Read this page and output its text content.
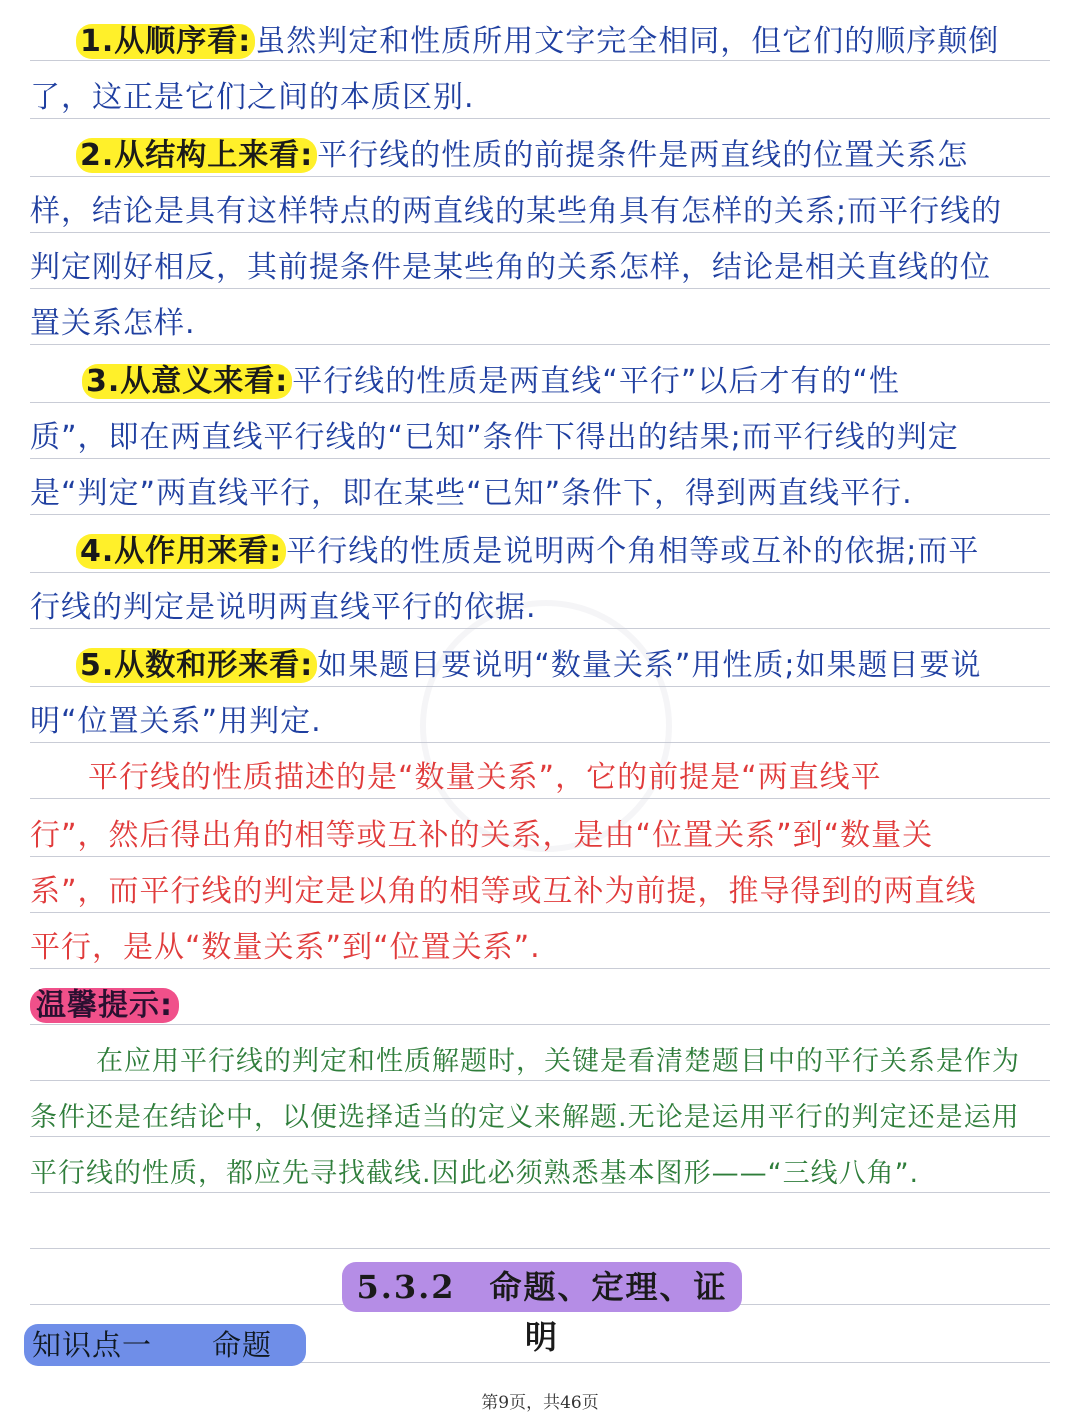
1.从顺序看: 虽然判定和性质所用文字完全相同，但它们的顺序颠倒
了，这正是它们之间的本质区别.
2.从结构上来看: 平行线的性质的前提条件是两直线的位置关系怎
样，结论是具有这样特点的两直线的某些角具有怎样的关系;而平行线的
判定刚好相反，其前提条件是某些角的关系怎样，结论是相关直线的位
置关系怎样.
3.从意义来看: 平行线的性质是两直线“平行”以后才有的“性
质”，即在两直线平行线的“已知”条件下得出的结果;而平行线的判定
是“判定”两直线平行，即在某些“已知”条件下，得到两直线平行.
4.从作用来看: 平行线的性质是说明两个角相等或互补的依据;而平
行线的判定是说明两直线平行的依据.
5.从数和形来看: 如果题目要说明“数量关系”用性质;如果题目要说
明“位置关系”用判定.
平行线的性质描述的是“数量关系”，它的前提是“两直线平
行”，然后得出角的相等或互补的关系，是由“位置关系”到“数量关
系”，而平行线的判定是以角的相等或互补为前提，推导得到的两直线
平行，是从“数量关系”到“位置关系”.
温馨提示:
在应用平行线的判定和性质解题时，关键是看清楚题目中的平行关系是作为
条件还是在结论中，以便选择适当的定义来解题.无论是运用平行的判定还是运用
平行线的性质，都应先寻找截线.因此必须熟悉基本图形——“三线八角”.
5.3.2　命题、定理、证明
知识点一　　命题
第9页，共46页
